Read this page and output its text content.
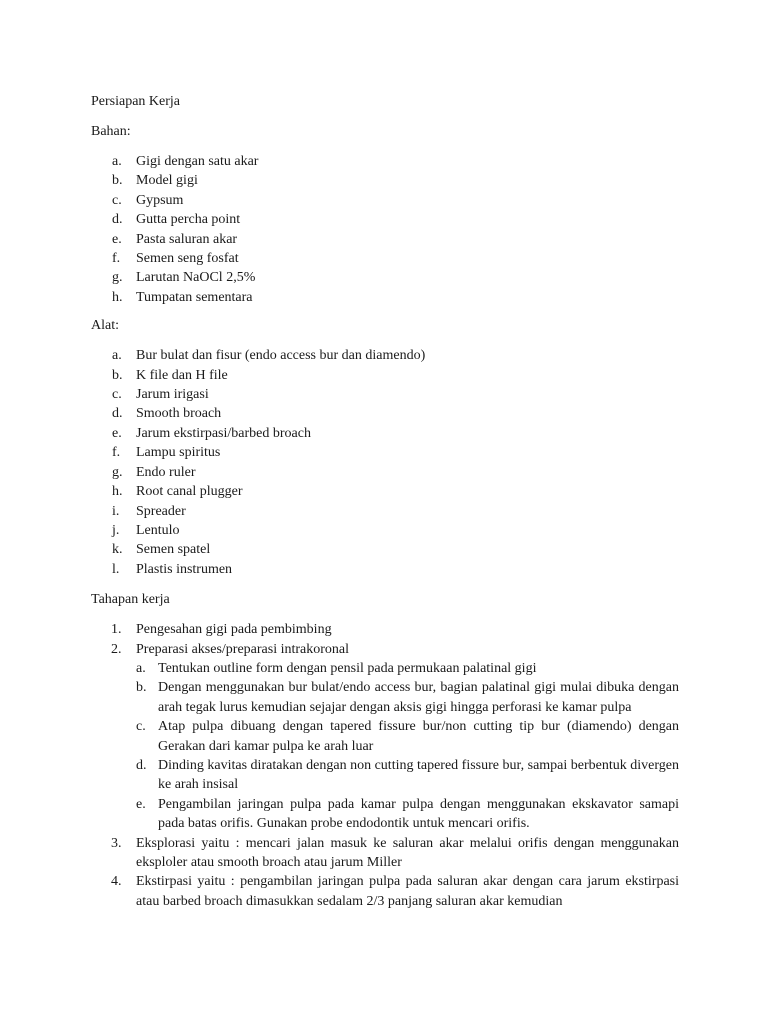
Persiapan Kerja
Bahan:
a. Gigi dengan satu akar
b. Model gigi
c. Gypsum
d. Gutta percha point
e. Pasta saluran akar
f. Semen seng fosfat
g. Larutan NaOCl 2,5%
h. Tumpatan sementara
Alat:
a. Bur bulat dan fisur (endo access bur dan diamendo)
b. K file dan H file
c. Jarum irigasi
d. Smooth broach
e. Jarum ekstirpasi/barbed broach
f. Lampu spiritus
g. Endo ruler
h. Root canal plugger
i. Spreader
j. Lentulo
k. Semen spatel
l. Plastis instrumen
Tahapan kerja
1. Pengesahan gigi pada pembimbing
2. Preparasi akses/preparasi intrakoronal
a. Tentukan outline form dengan pensil pada permukaan palatinal gigi
b. Dengan menggunakan bur bulat/endo access bur, bagian palatinal gigi mulai dibuka dengan arah tegak lurus kemudian sejajar dengan aksis gigi hingga perforasi ke kamar pulpa
c. Atap pulpa dibuang dengan tapered fissure bur/non cutting tip bur (diamendo) dengan Gerakan dari kamar pulpa ke arah luar
d. Dinding kavitas diratakan dengan non cutting tapered fissure bur, sampai berbentuk divergen ke arah insisal
e. Pengambilan jaringan pulpa pada kamar pulpa dengan menggunakan ekskavator samapi pada batas orifis. Gunakan probe endodontik untuk mencari orifis.
3. Eksplorasi yaitu : mencari jalan masuk ke saluran akar melalui orifis dengan menggunakan eksploler atau smooth broach atau jarum Miller
4. Ekstirpasi yaitu : pengambilan jaringan pulpa pada saluran akar dengan cara jarum ekstirpasi atau barbed broach dimasukkan sedalam 2/3 panjang saluran akar kemudian
